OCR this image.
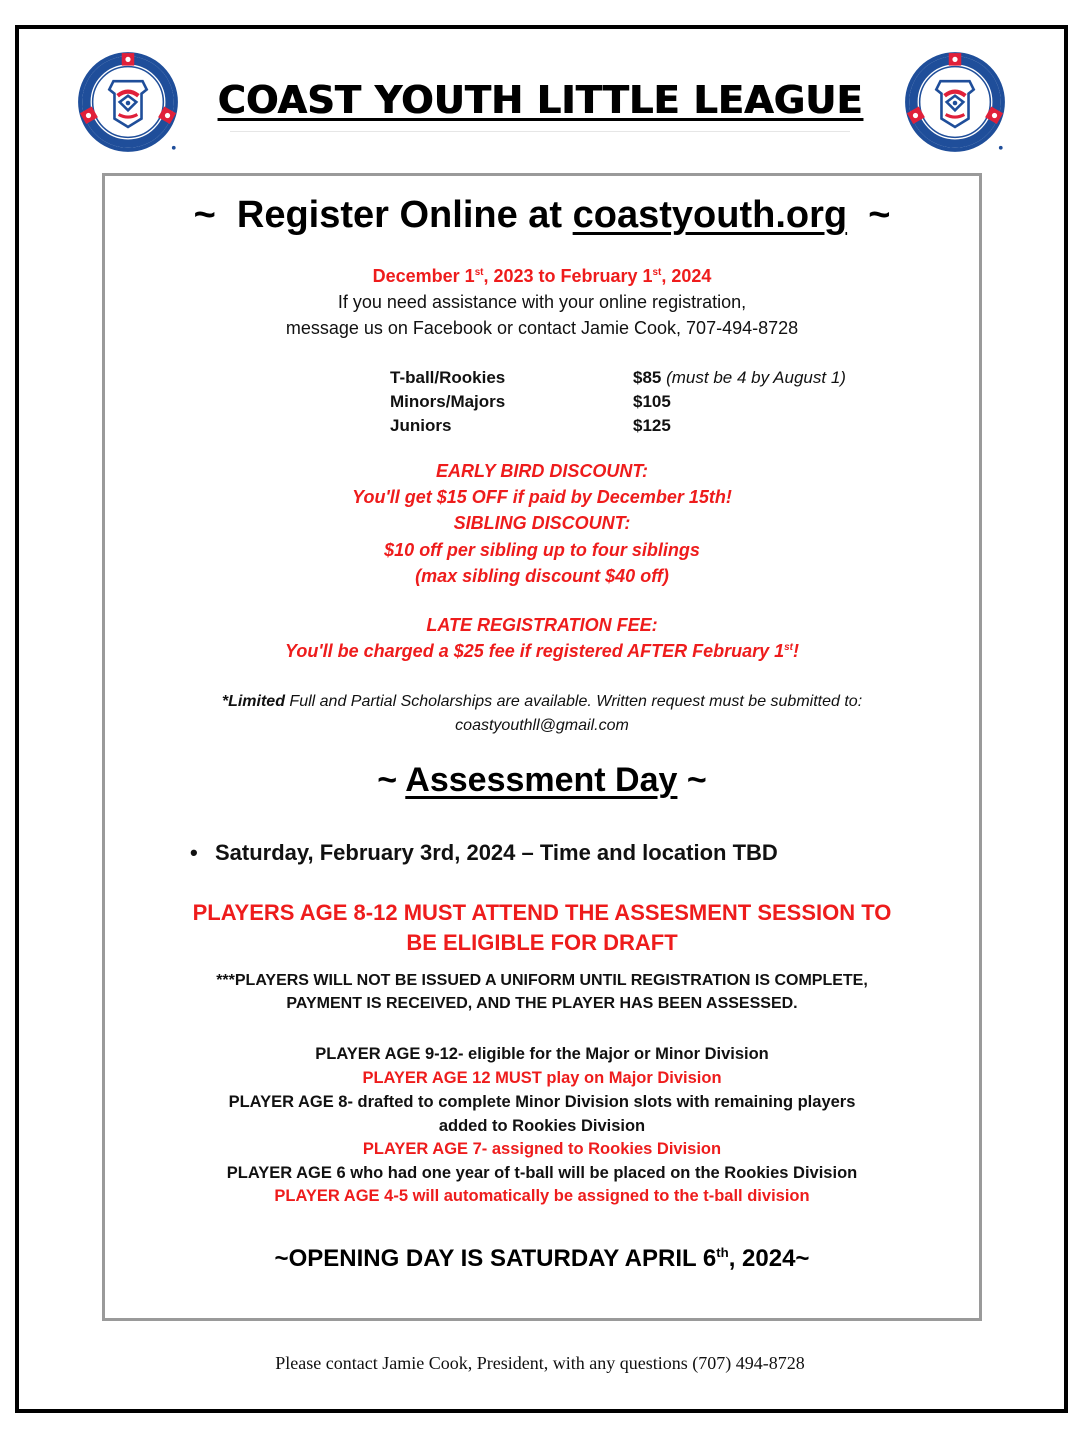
COAST YOUTH LITTLE LEAGUE
~  Register Online at coastyouth.org  ~
December 1st, 2023 to February 1st, 2024
If you need assistance with your online registration,
message us on Facebook or contact Jamie Cook, 707-494-8728
T-ball/Rookies	$85 (must be 4 by August 1)
Minors/Majors	$105
Juniors	$125
EARLY BIRD DISCOUNT:
You'll get $15 OFF if paid by December 15th!
SIBLING DISCOUNT:
$10 off per sibling up to four siblings
(max sibling discount $40 off)
LATE REGISTRATION FEE:
You'll be charged a $25 fee if registered AFTER February 1st!
*Limited Full and Partial Scholarships are available. Written request must be submitted to:
coastyouthll@gmail.com
~ Assessment Day ~
• Saturday, February 3rd, 2024 – Time and location TBD
PLAYERS AGE 8-12 MUST ATTEND THE ASSESMENT SESSION TO
BE ELIGIBLE FOR DRAFT
***PLAYERS WILL NOT BE ISSUED A UNIFORM UNTIL REGISTRATION IS COMPLETE,
PAYMENT IS RECEIVED, AND THE PLAYER HAS BEEN ASSESSED.
PLAYER AGE 9-12- eligible for the Major or Minor Division
PLAYER AGE 12 MUST play on Major Division
PLAYER AGE 8- drafted to complete Minor Division slots with remaining players
added to Rookies Division
PLAYER AGE 7- assigned to Rookies Division
PLAYER AGE 6 who had one year of t-ball will be placed on the Rookies Division
PLAYER AGE 4-5 will automatically be assigned to the t-ball division
~OPENING DAY IS SATURDAY APRIL 6th, 2024~
Please contact Jamie Cook, President, with any questions (707) 494-8728
